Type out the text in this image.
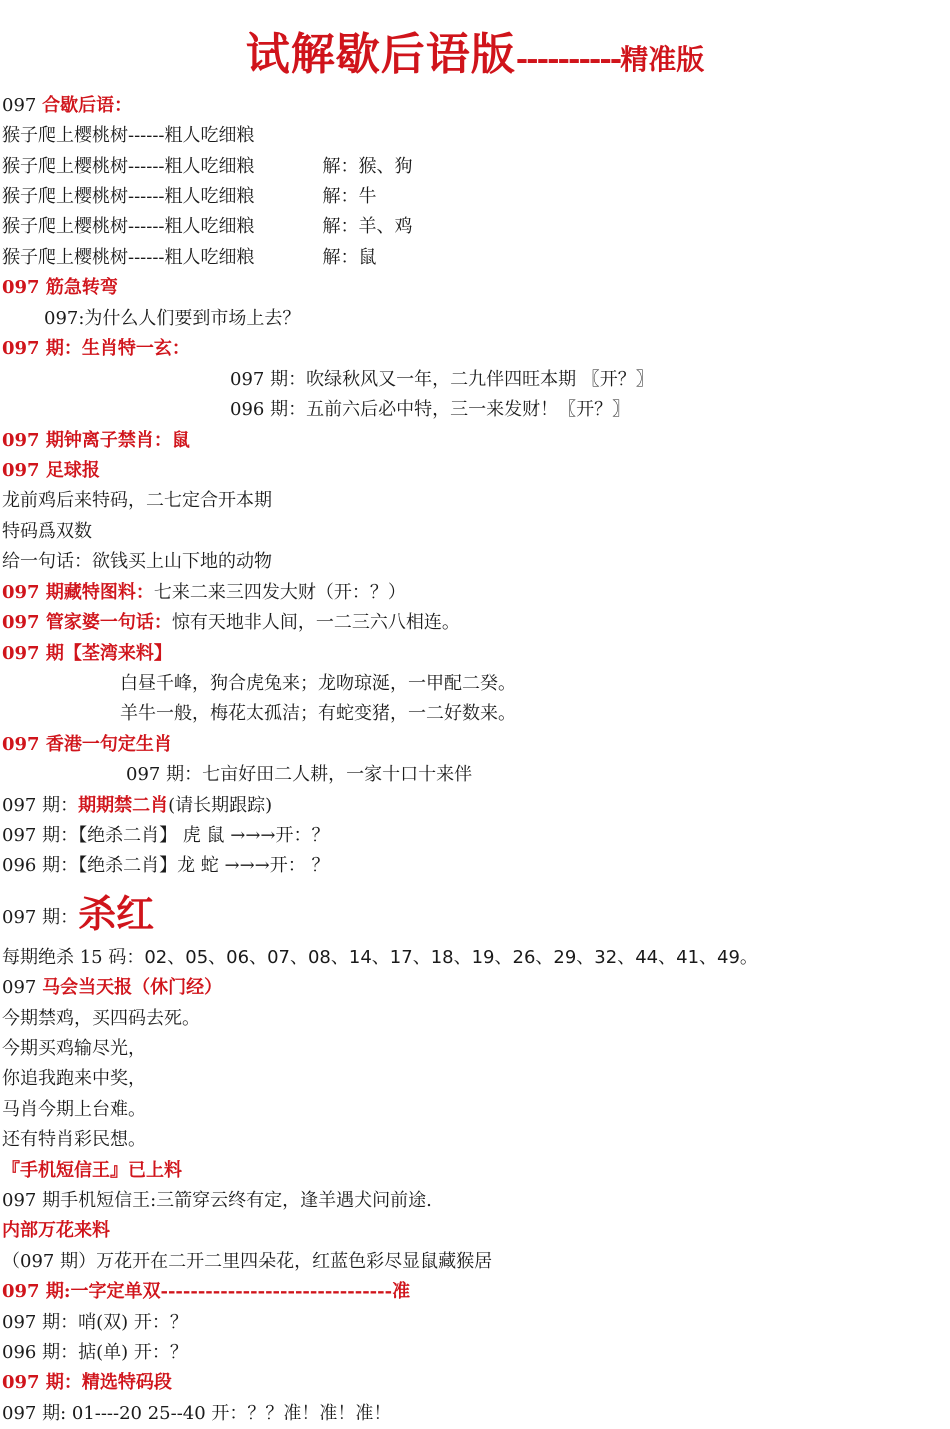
试解歇后语版----------精准版
097 合歇后语：
猴子爬上樱桃树------粗人吃细粮
猴子爬上樱桃树------粗人吃细粮	解：猴、狗
猴子爬上樱桃树------粗人吃细粮	解：牛
猴子爬上樱桃树------粗人吃细粮	解：羊、鸡
猴子爬上樱桃树------粗人吃细粮	解：鼠
097 筋急转弯
097:为什么人们要到市场上去？
097 期：生肖特一玄：
097 期：吹绿秋风又一年，二九伴四旺本期 〖开？〗
096 期：五前六后必中特，三一来发财！〖开？〗
097 期钟离子禁肖：鼠
097 足球报
龙前鸡后来特码，二七定合开本期
特码爲双数
给一句话：欲钱买上山下地的动物
097 期藏特图料：七来二来三四发大财（开：？）
097 管家婆一句话：惊有天地非人间，一二三六八相连。
097 期【荃湾来料】
白昼千峰，狗合虎兔来；龙吻琼涎，一甲配二癸。
羊牛一般，梅花太孤洁；有蛇变猪，一二好数来。
097 香港一句定生肖
097 期：七亩好田二人耕，一家十口十来伴
097 期：期期禁二肖(请长期跟踪)
097 期：【绝杀二肖】 虎 鼠 →→→开：？
096 期：【绝杀二肖】龙 蛇 →→→开： ？
097 期：杀红
每期绝杀 15 码：02、05、06、07、08、14、17、18、19、26、29、32、44、41、49。
097 马会当天报（休门经）
今期禁鸡，买四码去死。
今期买鸡输尽光，
你追我跑来中奖，
马肖今期上台难。
还有特肖彩民想。
『手机短信王』已上料
097 期手机短信王:三箭穿云终有定，逢羊遇犬问前途.
内部万花来料
（097 期）万花开在二开二里四朵花，红蓝色彩尽显鼠藏猴居
097 期:一字定单双-------------------------------准
097 期：哨(双) 开：？
096 期：掂(单) 开：？
097 期：精选特码段
097 期: 01----20 25--40 开：？？准！准！准！
